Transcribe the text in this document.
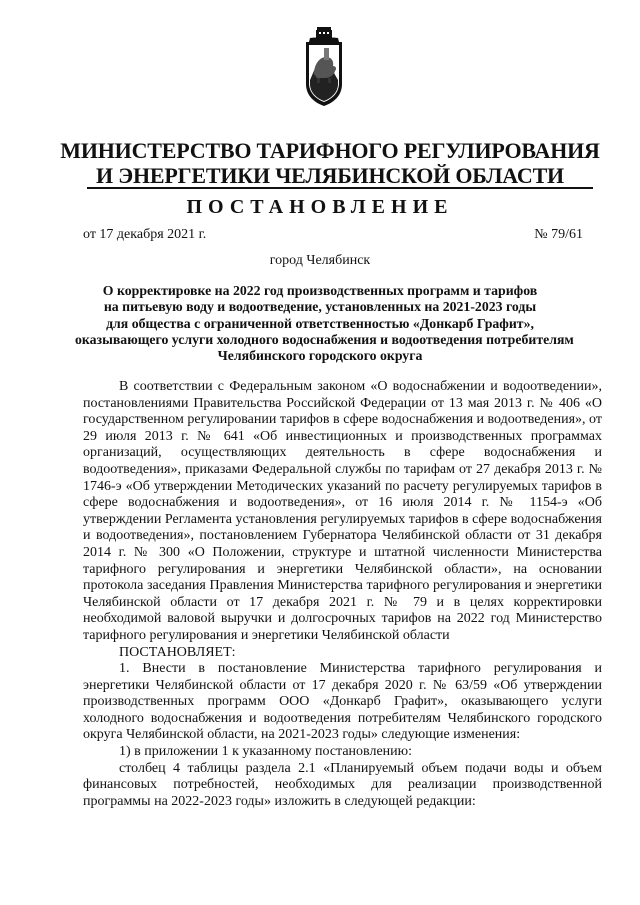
МИНИСТЕРСТВО ТАРИФНОГО РЕГУЛИРОВАНИЯ
И ЭНЕРГЕТИКИ ЧЕЛЯБИНСКОЙ ОБЛАСТИ
ПОСТАНОВЛЕНИЕ
от 17 декабря 2021 г.	№ 79/61
город Челябинск
О корректировке на 2022 год производственных программ и тарифов
на питьевую воду и водоотведение, установленных на 2021-2023 годы
для общества с ограниченной ответственностью «Донкарб Графит»,
оказывающего услуги холодного водоснабжения и водоотведения потребителям
Челябинского городского округа

В соответствии с Федеральным законом «О водоснабжении и водоотведении», постановлениями Правительства Российской Федерации от 13 мая 2013 г. № 406 «О государственном регулировании тарифов в сфере водоснабжения и водоотведения», от 29 июля 2013 г. № 641 «Об инвестиционных и производственных программах организаций, осуществляющих деятельность в сфере водоснабжения и водоотведения», приказами Федеральной службы по тарифам от 27 декабря 2013 г. № 1746-э «Об утверждении Методических указаний по расчету регулируемых тарифов в сфере водоснабжения и водоотведения», от 16 июля 2014 г. № 1154-э «Об утверждении Регламента установления регулируемых тарифов в сфере водоснабжения и водоотведения», постановлением Губернатора Челябинской области от 31 декабря 2014 г. № 300 «О Положении, структуре и штатной численности Министерства тарифного регулирования и энергетики Челябинской области», на основании протокола заседания Правления Министерства тарифного регулирования и энергетики Челябинской области от 17 декабря 2021 г. № 79 и в целях корректировки необходимой валовой выручки и долгосрочных тарифов на 2022 год Министерство тарифного регулирования и энергетики Челябинской области

ПОСТАНОВЛЯЕТ:

1. Внести в постановление Министерства тарифного регулирования и энергетики Челябинской области от 17 декабря 2020 г. № 63/59 «Об утверждении производственных программ ООО «Донкарб Графит», оказывающего услуги холодного водоснабжения и водоотведения потребителям Челябинского городского округа Челябинской области, на 2021-2023 годы» следующие изменения:

1) в приложении 1 к указанному постановлению:

столбец 4 таблицы раздела 2.1 «Планируемый объем подачи воды и объем финансовых потребностей, необходимых для реализации производственной программы на 2022-2023 годы» изложить в следующей редакции:
